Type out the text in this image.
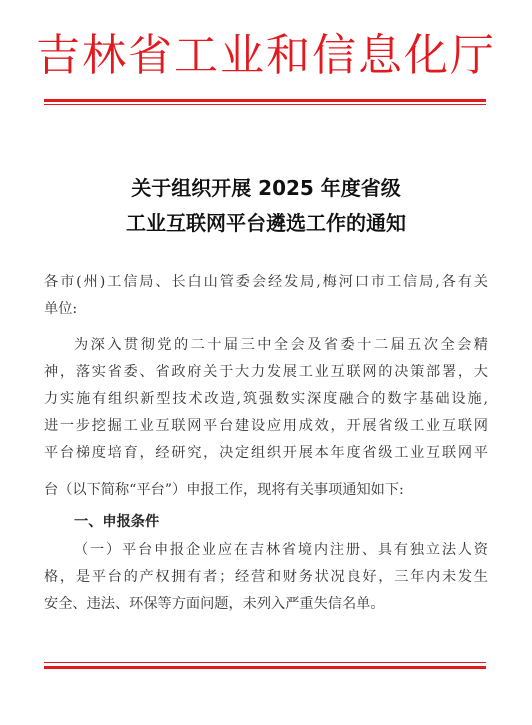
吉林省工业和信息化厅
关于组织开展 2025 年度省级
工业互联网平台遴选工作的通知
各市(州)工信局、长白山管委会经发局,梅河口市工信局,各有关
单位:
为深入贯彻党的二十届三中全会及省委十二届五次全会精
神，落实省委、省政府关于大力发展工业互联网的决策部署，大
力实施有组织新型技术改造,筑强数实深度融合的数字基础设施,
进一步挖掘工业互联网平台建设应用成效，开展省级工业互联网
平台梯度培育，经研究，决定组织开展本年度省级工业互联网平
台（以下简称“平台”）申报工作，现将有关事项通知如下:
一、申报条件
（一）平台申报企业应在吉林省境内注册、具有独立法人资
格，是平台的产权拥有者；经营和财务状况良好，三年内未发生
安全、违法、环保等方面问题，未列入严重失信名单。
